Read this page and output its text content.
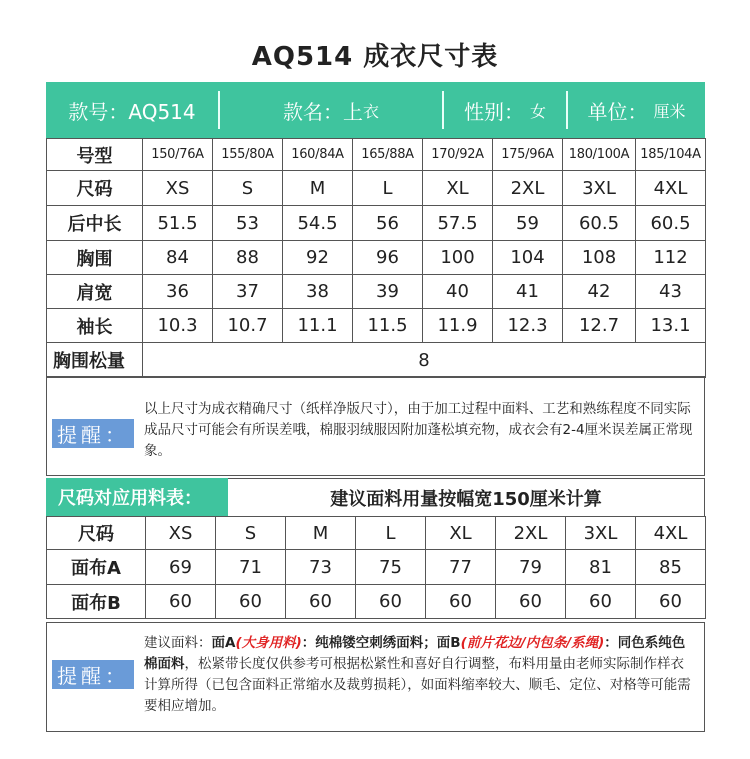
AQ514 成衣尺寸表
款号：AQ514	款名：上 衣	性别： 女 单位： 厘米
号型	150/76A	155/80A	160/84A	165/88A	170/92A	175/96A	180/100A 185/104A
尺码	XS	S	M	L	XL	2XL	3XL	4XL
后中长	51.5	53	54.5	56	57.5	59	60.5	60.5
胸围	84	88	92	96	100	104	108	112
肩宽	36	37	38	39	40	41	42	43
袖长	10.3	10.7	11.1	11.5	11.9	12.3	12.7	13.1
胸围松量	8
提醒：
以上尺寸为成衣精确尺寸（纸样净版尺寸），由于加工过程中面料、工艺和熟练程度不同实际成品尺寸可能会有所误差哦，棉服羽绒服因附加蓬松填充物，成衣会有2-4厘米误差属正常现象。
尺码对应用料表：	建议面料用量按幅宽150厘米计算
尺码	XS	S	M	L	XL	2XL	3XL	4XL
面布A	69	71	73	75	77	79	81	85
面布B	60	60	60	60	60	60	60	60
提醒：
建议面料：面A(大身用料)：纯棉镂空刺绣面料；面B(前片花边/内包条/系绳)：同色系纯色棉面料，松紧带长度仅供参考可根据松紧性和喜好自行调整，布料用量由老师实际制作样衣计算所得（已包含面料正常缩水及裁剪损耗），如面料缩率较大、顺毛、定位、对格等可能需要相应增加。
